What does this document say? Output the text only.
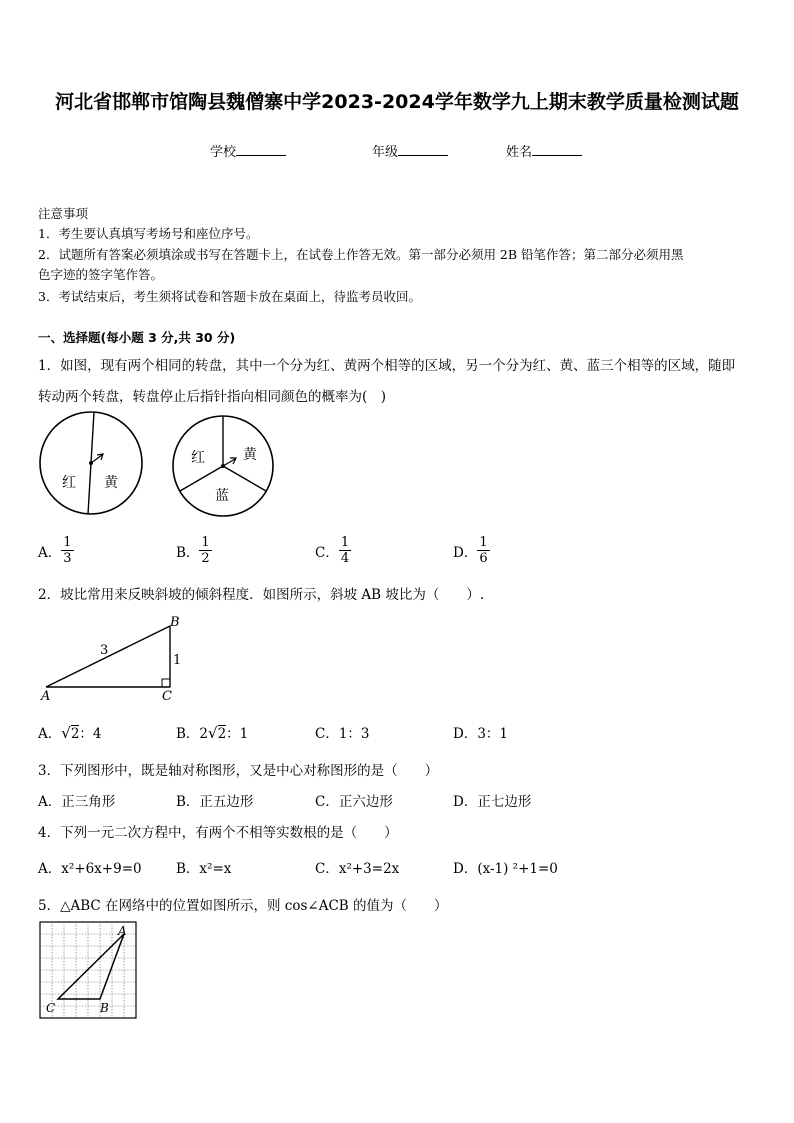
河北省邯郸市馆陶县魏僧寨中学2023-2024学年数学九上期末教学质量检测试题
学校	年级	姓名
注意事项
1．考生要认真填写考场号和座位序号。
2．试题所有答案必须填涂或书写在答题卡上，在试卷上作答无效。第一部分必须用 2B 铅笔作答；第二部分必须用黑
色字迹的签字笔作答。
3．考试结束后，考生须将试卷和答题卡放在桌面上，待监考员收回。
一、选择题(每小题 3 分,共 30 分)
1．如图，现有两个相同的转盘，其中一个分为红、黄两个相等的区域，另一个分为红、黄、蓝三个相等的区域，随即
转动两个转盘，转盘停止后指针指向相同颜色的概率为(　)
红 黄
红	黄
蓝
A． $\frac{1}{3}$	B． $\frac{1}{2}$	C． $\frac{1}{4}$	D． $\frac{1}{6}$
2．坡比常用来反映斜坡的倾斜程度．如图所示，斜坡 AB 坡比为（　　）.
A
B
C
3
1
A．√2：4	B．2√2：1	C．1：3	D．3：1
3．下列图形中，既是轴对称图形，又是中心对称图形的是（　　）
A．正三角形	B．正五边形	C．正六边形	D．正七边形
4．下列一元二次方程中，有两个不相等实数根的是（　　）
A．x²+6x+9=0	B．x²=x	C．x²+3=2x	D．(x-1) ²+1=0
5．△ABC 在网络中的位置如图所示，则 cos∠ACB 的值为（　　）
A
B
C
